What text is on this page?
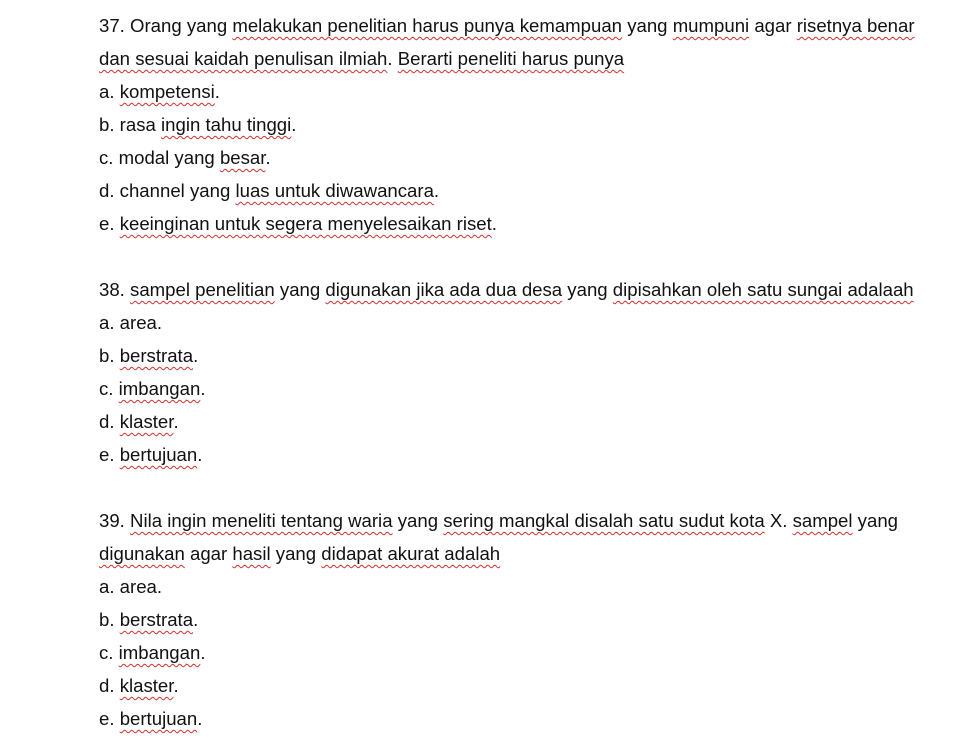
37. Orang yang melakukan penelitian harus punya kemampuan yang mumpuni agar risetnya benar
dan sesuai kaidah penulisan ilmiah. Berarti peneliti harus punya
a. kompetensi.
b. rasa ingin tahu tinggi.
c. modal yang besar.
d. channel yang luas untuk diwawancara.
e. keeinginan untuk segera menyelesaikan riset.
38. sampel penelitian yang digunakan jika ada dua desa yang dipisahkan oleh satu sungai adalaah
a. area.
b. berstrata.
c. imbangan.
d. klaster.
e. bertujuan.
39. Nila ingin meneliti tentang waria yang sering mangkal disalah satu sudut kota X. sampel yang
digunakan agar hasil yang didapat akurat adalah
a. area.
b. berstrata.
c. imbangan.
d. klaster.
e. bertujuan.
